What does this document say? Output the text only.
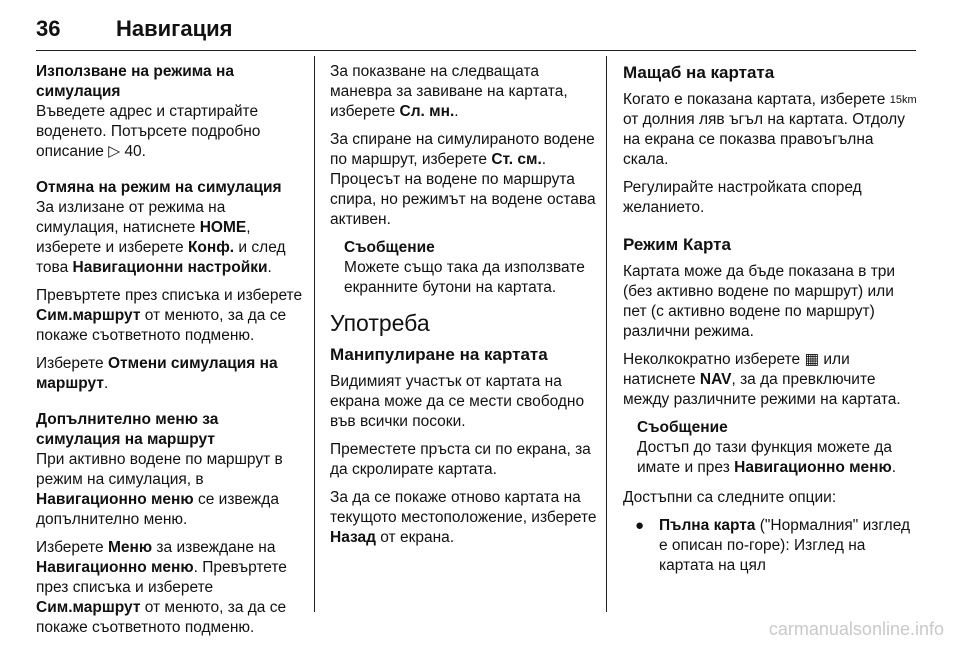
36	Навигация
Използване на режима на симулация

Въведете адрес и стартирайте воденето. Потърсете подробно описание ▷ 40.

Отмяна на режим на симулация

За излизане от режима на симулация, натиснете HOME, изберете и изберете Конф. и след това Навигационни настройки.

Превъртете през списъка и изберете Сим.маршрут от менюто, за да се покаже съответното подменю.

Изберете Отмени симулация на маршрут.

Допълнително меню за симулация на маршрут

При активно водене по маршрут в режим на симулация, в Навигационно меню се извежда допълнително меню.

Изберете Меню за извеждане на Навигационно меню. Превъртете през списъка и изберете Сим.маршрут от менюто, за да се покаже съответното подменю.

За показване на следващата маневра за завиване на картата, изберете Сл. мн..

За спиране на симулираното водене по маршрут, изберете Ст. см.. Процесът на водене по маршрута спира, но режимът на водене остава активен.

Съобщение

Можете също така да използвате екранните бутони на картата.

Употреба
Манипулиране на картата

Видимият участък от картата на екрана може да се мести свободно във всички посоки.

Преместете пръста си по екрана, за да скролирате картата.

За да се покаже отново картата на текущото местоположение, изберете Назад от екрана.

Мащаб на картата

Когато е показана картата, изберете 15km от долния ляв ъгъл на картата. Отдолу на екрана се показва правоъгълна скала.

Регулирайте настройката според желанието.

Режим Карта

Картата може да бъде показана в три (без активно водене по маршрут) или пет (с активно водене по маршрут) различни режима.

Неколкократно изберете ▦ или натиснете NAV, за да превключите между различните режими на картата.

Съобщение

Достъп до тази функция можете да имате и през Навигационно меню.

Достъпни са следните опции:

● Пълна карта ("Нормалния" изглед е описан по-горе): Изглед на картата на цял
carmanualsonline.info
